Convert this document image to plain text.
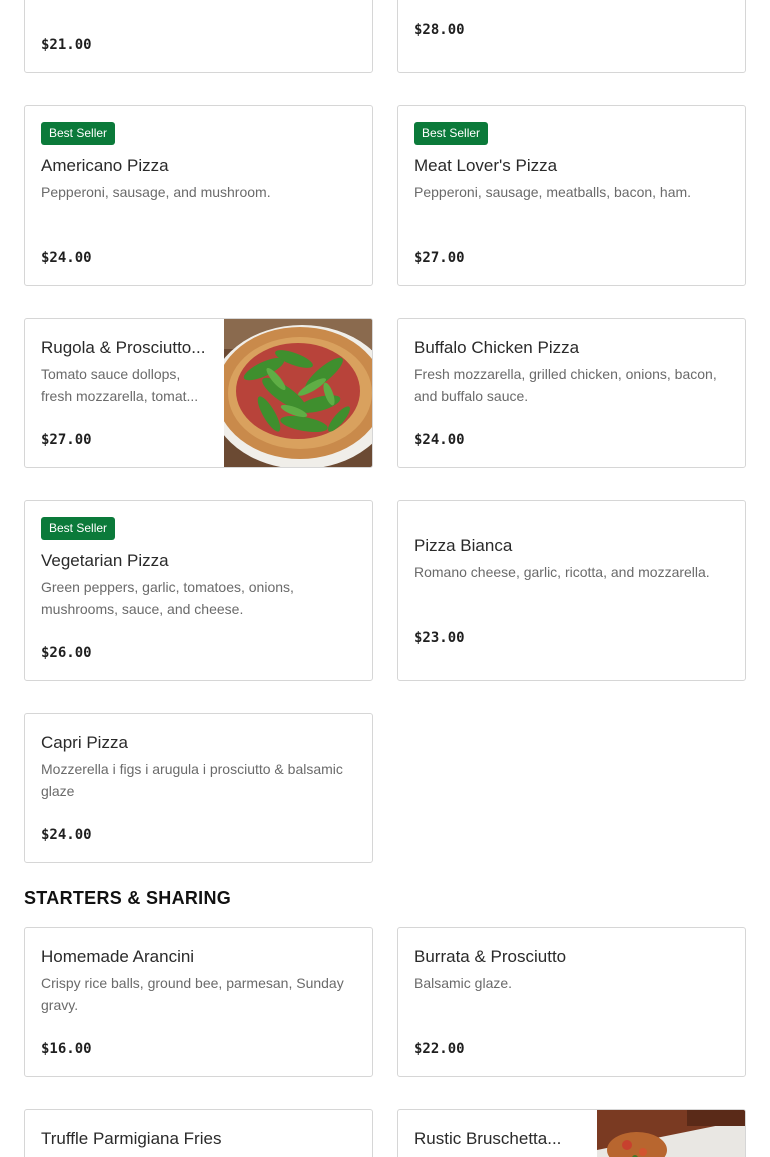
$21.00
$28.00
Best Seller
Americano Pizza
Pepperoni, sausage, and mushroom.
$24.00
Best Seller
Meat Lover's Pizza
Pepperoni, sausage, meatballs, bacon, ham.
$27.00
Rugola & Prosciutto...
Tomato sauce dollops, fresh mozzarella, tomat...
$27.00
Buffalo Chicken Pizza
Fresh mozzarella, grilled chicken, onions, bacon, and buffalo sauce.
$24.00
Best Seller
Vegetarian Pizza
Green peppers, garlic, tomatoes, onions, mushrooms, sauce, and cheese.
$26.00
Pizza Bianca
Romano cheese, garlic, ricotta, and mozzarella.
$23.00
Capri Pizza
Mozzerella i figs i arugula i prosciutto & balsamic glaze
$24.00
STARTERS & SHARING
Homemade Arancini
Crispy rice balls, ground bee, parmesan, Sunday gravy.
$16.00
Burrata & Prosciutto
Balsamic glaze.
$22.00
Truffle Parmigiana Fries	Rustic Bruschetta...
